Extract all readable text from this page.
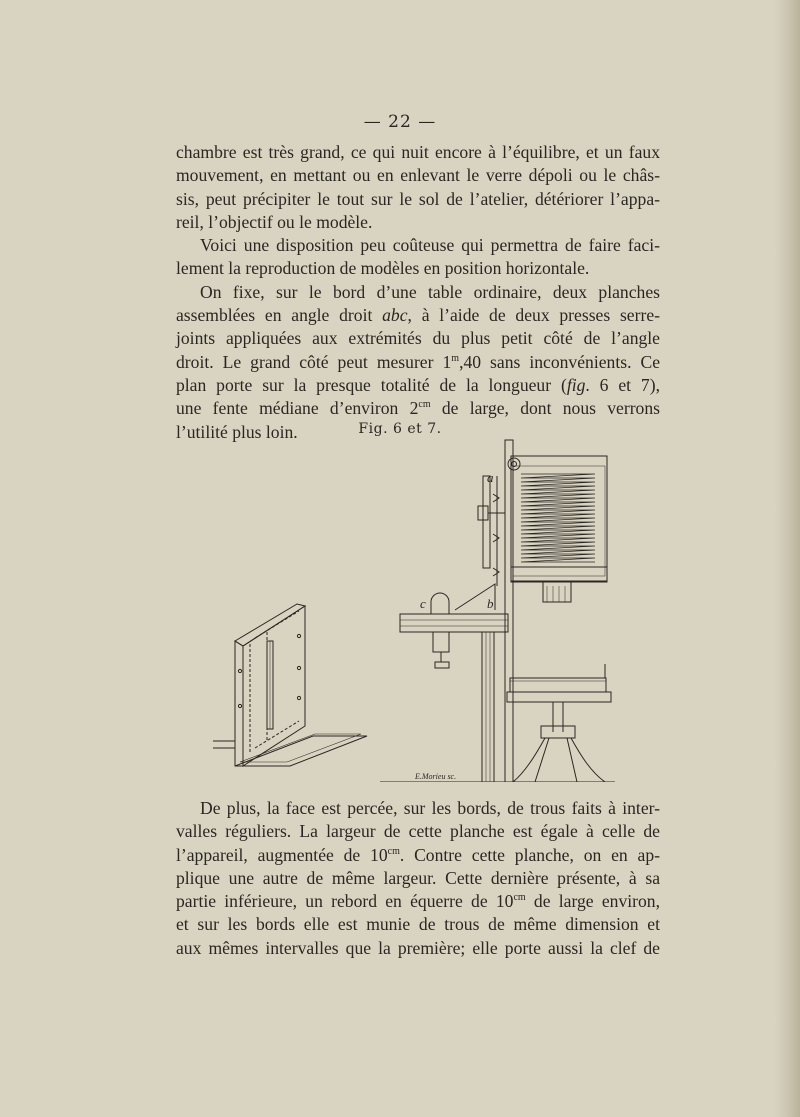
— 22 —

chambre est très grand, ce qui nuit encore à l’équilibre, et un faux
mouvement, en mettant ou en enlevant le verre dépoli ou le châs-
sis, peut précipiter le tout sur le sol de l’atelier, détériorer l’appa-
reil, l’objectif ou le modèle.

Voici une disposition peu coûteuse qui permettra de faire faci-
lement la reproduction de modèles en position horizontale.

On fixe, sur le bord d’une table ordinaire, deux planches
assemblées en angle droit abc, à l’aide de deux presses serre-
joints appliquées aux extrémités du plus petit côté de l’angle
droit. Le grand côté peut mesurer 1$^m$,40 sans inconvénients. Ce
plan porte sur la presque totalité de la longueur (fig. 6 et 7),
une fente médiane d’environ $2^{cm}$ de large, dont nous verrons
l’utilité plus loin.	Fig. 6 et 7.
a
b
c
E.Morieu sc.

De plus, la face est percée, sur les bords, de trous faits à inter-
valles réguliers. La largeur de cette planche est égale à celle de
l’appareil, augmentée de $10^{cm}$. Contre cette planche, on en ap-
plique une autre de même largeur. Cette dernière présente, à sa
partie inférieure, un rebord en équerre de $10^{cm}$ de large environ,
et sur les bords elle est munie de trous de même dimension et
aux mêmes intervalles que la première; elle porte aussi la clef de
